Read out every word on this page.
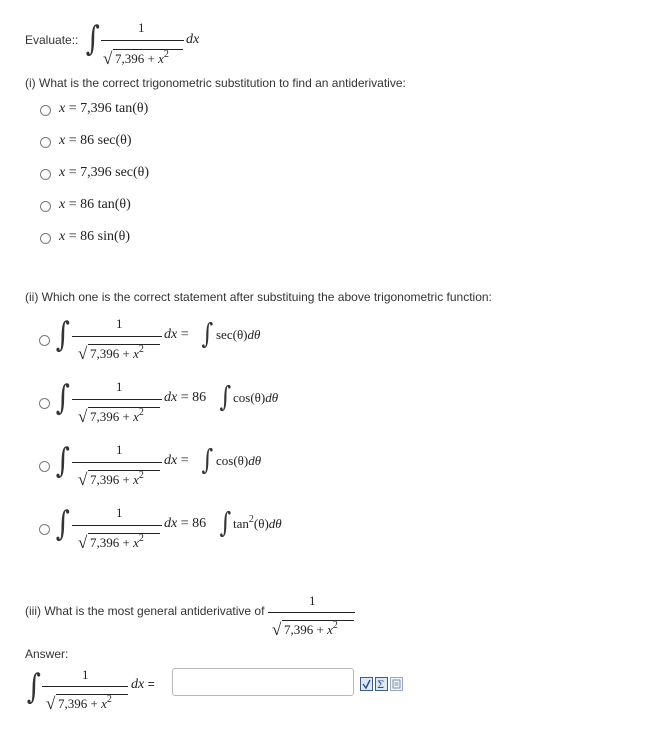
Evaluate:: ∫	1
dx
√ $7,396 + x^2$
(i) What is the correct trigonometric substitution to find an antiderivative:
x = 7,396 tan(θ)
x = 86 sec(θ)
x = 7,396 sec(θ)
x = 86 tan(θ)
x = 86 sin(θ)
(ii) Which one is the correct statement after substituing the above trigonometric function:
∫	1
√ $7,396 + x^2$
dx = ∫ sec(θ)dθ
∫	1
√ $7,396 + x^2$
dx = 86 ∫ cos(θ)dθ
∫	1
√ $7,396 + x^2$
dx = ∫ cos(θ)dθ
∫	1
√ $7,396 + x^2$
dx = 86 ∫ $\tan^2(\theta)d\theta$
(iii) What is the most general antiderivative of
1
√ $7,396 + x^2$
Answer:
∫	1
√ $7,396 + x^2$
dx =	Σ
